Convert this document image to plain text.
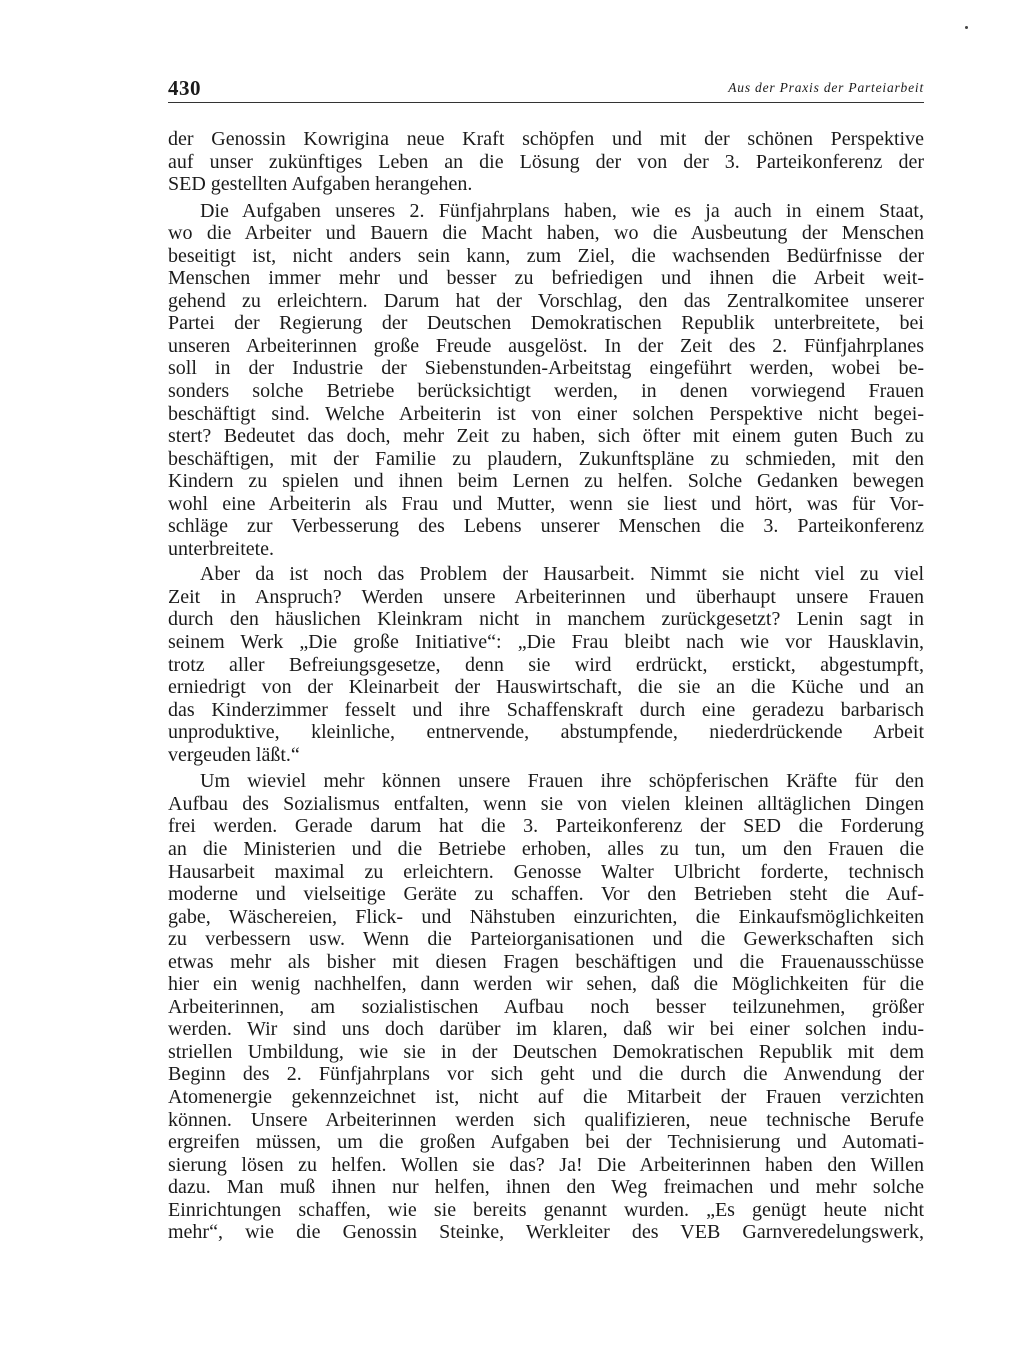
430	Aus der Praxis der Parteiarbeit
der Genossin Kowrigina neue Kraft schöpfen und mit der schönen Perspektive
auf unser zukünftiges Leben an die Lösung der von der 3. Parteikonferenz der
SED gestellten Aufgaben herangehen.
Die Aufgaben unseres 2. Fünfjahrplans haben, wie es ja auch in einem Staat,
wo die Arbeiter und Bauern die Macht haben, wo die Ausbeutung der Menschen
beseitigt ist, nicht anders sein kann, zum Ziel, die wachsenden Bedürfnisse der
Menschen immer mehr und besser zu befriedigen und ihnen die Arbeit weit-
gehend zu erleichtern. Darum hat der Vorschlag, den das Zentralkomitee unserer
Partei der Regierung der Deutschen Demokratischen Republik unterbreitete, bei
unseren Arbeiterinnen große Freude ausgelöst. In der Zeit des 2. Fünfjahrplanes
soll in der Industrie der Siebenstunden-Arbeitstag eingeführt werden, wobei be-
sonders solche Betriebe berücksichtigt werden, in denen vorwiegend Frauen
beschäftigt sind. Welche Arbeiterin ist von einer solchen Perspektive nicht begei-
stert? Bedeutet das doch, mehr Zeit zu haben, sich öfter mit einem guten Buch zu
beschäftigen, mit der Familie zu plaudern, Zukunftspläne zu schmieden, mit den
Kindern zu spielen und ihnen beim Lernen zu helfen. Solche Gedanken bewegen
wohl eine Arbeiterin als Frau und Mutter, wenn sie liest und hört, was für Vor-
schläge zur Verbesserung des Lebens unserer Menschen die 3. Parteikonferenz
unterbreitete.
Aber da ist noch das Problem der Hausarbeit. Nimmt sie nicht viel zu viel
Zeit in Anspruch? Werden unsere Arbeiterinnen und überhaupt unsere Frauen
durch den häuslichen Kleinkram nicht in manchem zurückgesetzt? Lenin sagt in
seinem Werk „Die große Initiative“: „Die Frau bleibt nach wie vor Hausklavin,
trotz aller Befreiungsgesetze, denn sie wird erdrückt, erstickt, abgestumpft,
erniedrigt von der Kleinarbeit der Hauswirtschaft, die sie an die Küche und an
das Kinderzimmer fesselt und ihre Schaffenskraft durch eine geradezu barbarisch
unproduktive, kleinliche, entnervende, abstumpfende, niederdrückende Arbeit
vergeuden läßt.“
Um wieviel mehr können unsere Frauen ihre schöpferischen Kräfte für den
Aufbau des Sozialismus entfalten, wenn sie von vielen kleinen alltäglichen Dingen
frei werden. Gerade darum hat die 3. Parteikonferenz der SED die Forderung
an die Ministerien und die Betriebe erhoben, alles zu tun, um den Frauen die
Hausarbeit maximal zu erleichtern. Genosse Walter Ulbricht forderte, technisch
moderne und vielseitige Geräte zu schaffen. Vor den Betrieben steht die Auf-
gabe, Wäschereien, Flick- und Nähstuben einzurichten, die Einkaufsmöglichkeiten
zu verbessern usw. Wenn die Parteiorganisationen und die Gewerkschaften sich
etwas mehr als bisher mit diesen Fragen beschäftigen und die Frauenausschüsse
hier ein wenig nachhelfen, dann werden wir sehen, daß die Möglichkeiten für die
Arbeiterinnen, am sozialistischen Aufbau noch besser teilzunehmen, größer
werden. Wir sind uns doch darüber im klaren, daß wir bei einer solchen indu-
striellen Umbildung, wie sie in der Deutschen Demokratischen Republik mit dem
Beginn des 2. Fünfjahrplans vor sich geht und die durch die Anwendung der
Atomenergie gekennzeichnet ist, nicht auf die Mitarbeit der Frauen verzichten
können. Unsere Arbeiterinnen werden sich qualifizieren, neue technische Berufe
ergreifen müssen, um die großen Aufgaben bei der Technisierung und Automati-
sierung lösen zu helfen. Wollen sie das? Ja! Die Arbeiterinnen haben den Willen
dazu. Man muß ihnen nur helfen, ihnen den Weg freimachen und mehr solche
Einrichtungen schaffen, wie sie bereits genannt wurden. „Es genügt heute nicht
mehr“, wie die Genossin Steinke, Werkleiter des VEB Garnveredelungswerk,
